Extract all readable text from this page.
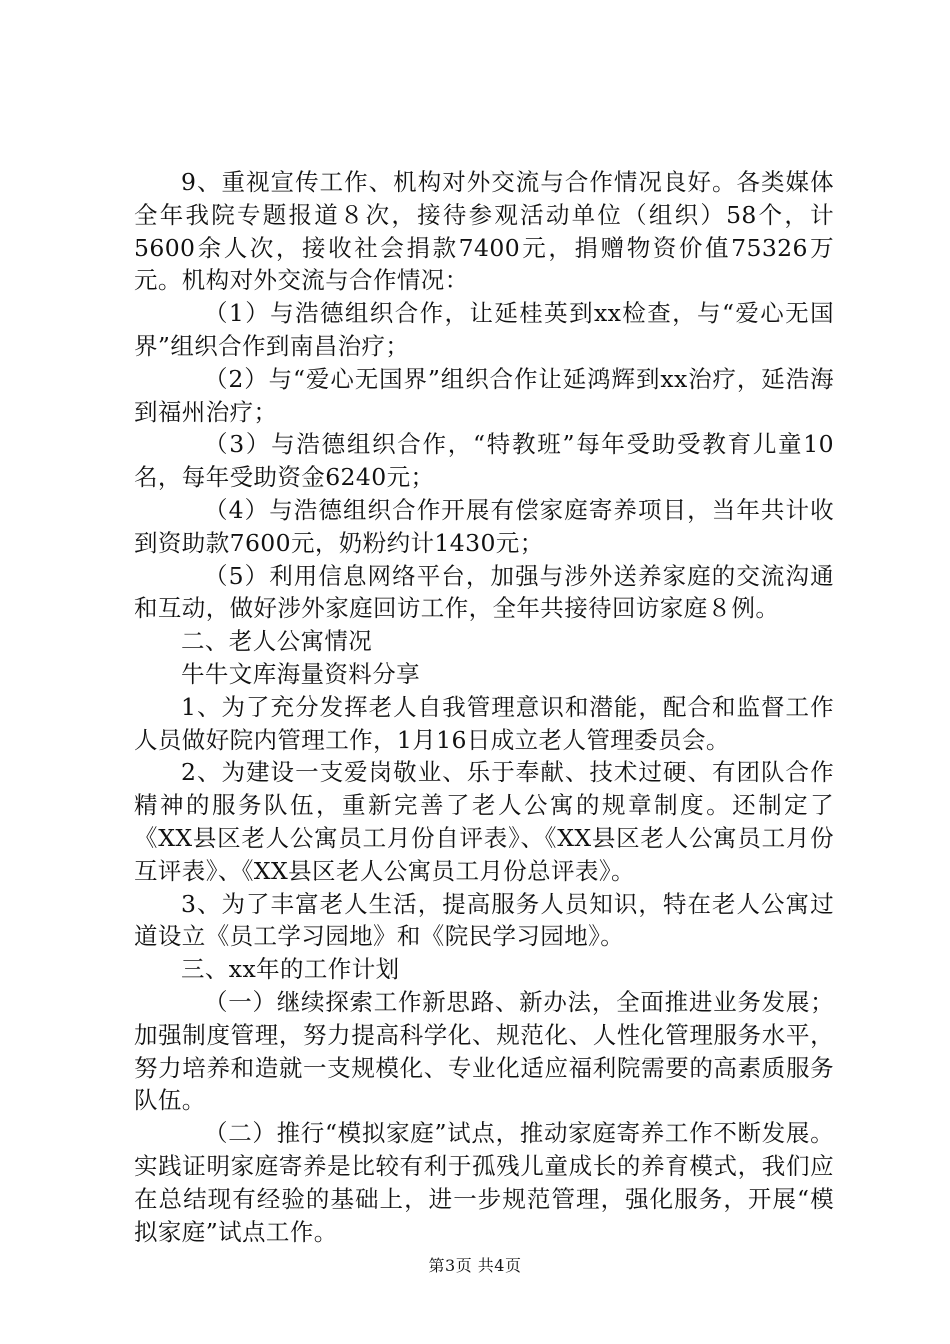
9、重视宣传工作、机构对外交流与合作情况良好。各类媒体全年我院专题报道８次，接待参观活动单位（组织）58个，计5600余人次，接收社会捐款7400元，捐赠物资价值75326万元。机构对外交流与合作情况：

（1）与浩德组织合作，让延桂英到xx检查，与“爱心无国界”组织合作到南昌治疗；

（2）与“爱心无国界”组织合作让延鸿辉到xx治疗，延浩海到福州治疗；

（3）与浩德组织合作，“特教班”每年受助受教育儿童10名，每年受助资金6240元；

（4）与浩德组织合作开展有偿家庭寄养项目，当年共计收到资助款7600元，奶粉约计1430元；

（5）利用信息网络平台，加强与涉外送养家庭的交流沟通和互动，做好涉外家庭回访工作，全年共接待回访家庭８例。

二、老人公寓情况

牛牛文库海量资料分享

1、为了充分发挥老人自我管理意识和潜能，配合和监督工作人员做好院内管理工作，1月16日成立老人管理委员会。

2、为建设一支爱岗敬业、乐于奉献、技术过硬、有团队合作精神的服务队伍，重新完善了老人公寓的规章制度。还制定了《XX县区老人公寓员工月份自评表》、《XX县区老人公寓员工月份互评表》、《XX县区老人公寓员工月份总评表》。

3、为了丰富老人生活，提高服务人员知识，特在老人公寓过道设立《员工学习园地》和《院民学习园地》。

三、xx年的工作计划

（一）继续探索工作新思路、新办法，全面推进业务发展；加强制度管理，努力提高科学化、规范化、人性化管理服务水平，努力培养和造就一支规模化、专业化适应福利院需要的高素质服务队伍。

（二）推行“模拟家庭”试点，推动家庭寄养工作不断发展。实践证明家庭寄养是比较有利于孤残儿童成长的养育模式，我们应在总结现有经验的基础上，进一步规范管理，强化服务，开展“模拟家庭”试点工作。

第3页 共4页
